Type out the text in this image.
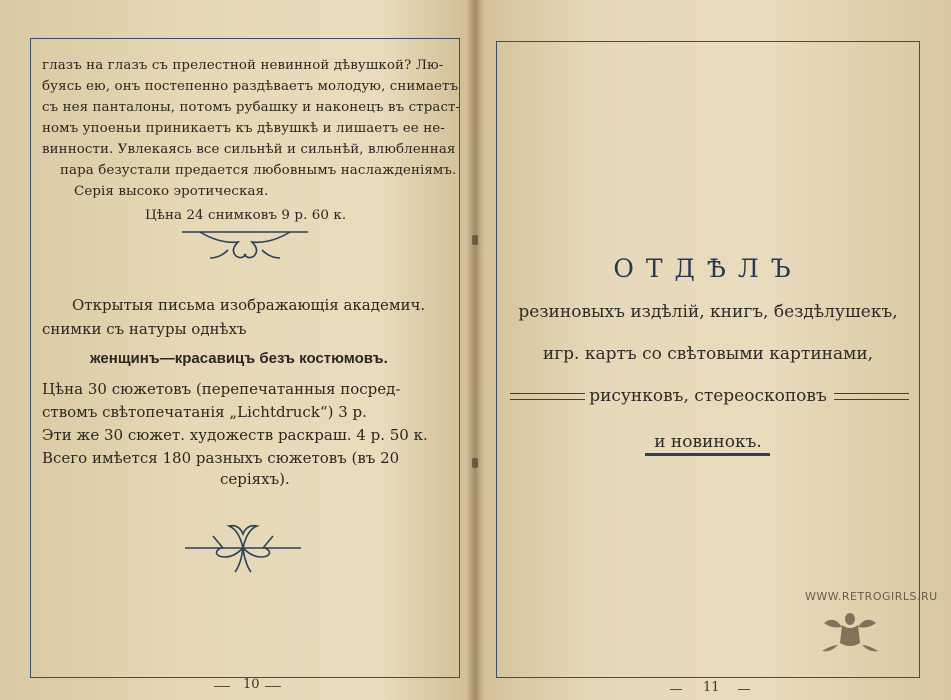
глазъ на глазъ съ прелестной невинной дѣвушкой? Лю-
буясь ею, онъ постепенно раздѣваетъ молодую, снимаетъ
съ нея панталоны, потомъ рубашку и наконецъ въ страст-
номъ упоеньи приникаетъ къ дѣвушкѣ и лишаетъ ее не-
винности. Увлекаясь все сильнѣй и сильнѣй, влюбленная
пара безустали предается любовнымъ наслажденіямъ.
Серія высоко эротическая.
Цѣна 24 снимковъ 9 р. 60 к.
Открытыя письма изображающія академич.
снимки съ натуры однѣхъ
женщинъ—красавицъ безъ костюмовъ.
Цѣна 30 сюжетовъ (перепечатанныя посред-
ствомъ свѣтопечатанія „Lichtdruck“) 3 р.
Эти же 30 сюжет. художеств раскраш. 4 р. 50 к.
Всего имѣется 180 разныхъ сюжетовъ (въ 20
серіяхъ).
10
ОТДѢЛЪ
резиновыхъ издѣлій, книгъ, бездѣлушекъ,
игр. картъ со свѣтовыми картинами,
рисунковъ, стереоскоповъ
и новинокъ.
WWW.RETROGIRLS.RU
11
